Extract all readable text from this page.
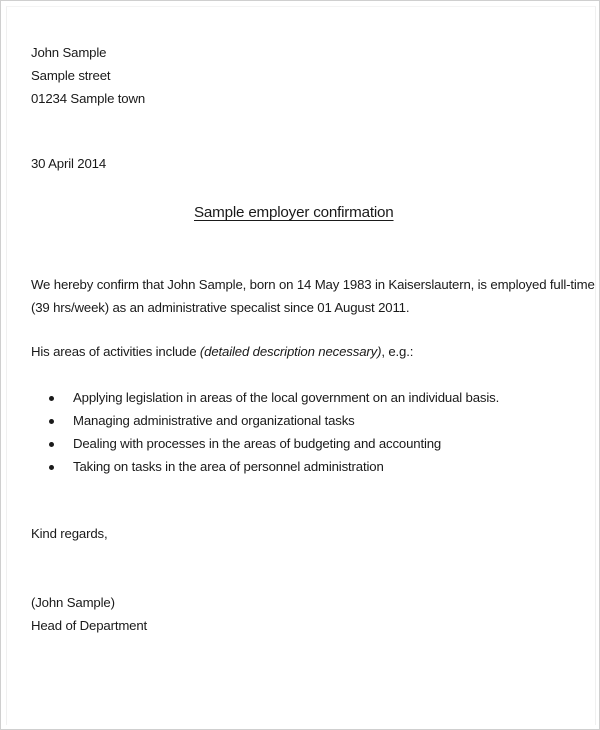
John Sample
Sample street
01234 Sample town
30 April 2014
Sample employer confirmation
We hereby confirm that John Sample, born on 14 May 1983 in Kaiserslautern, is employed full-time
(39 hrs/week) as an administrative specalist since 01 August 2011.
His areas of activities include (detailed description necessary), e.g.:
Applying legislation in areas of the local government on an individual basis.
Managing administrative and organizational tasks
Dealing with processes in the areas of budgeting and accounting
Taking on tasks in the area of personnel administration
Kind regards,
(John Sample)
Head of Department
